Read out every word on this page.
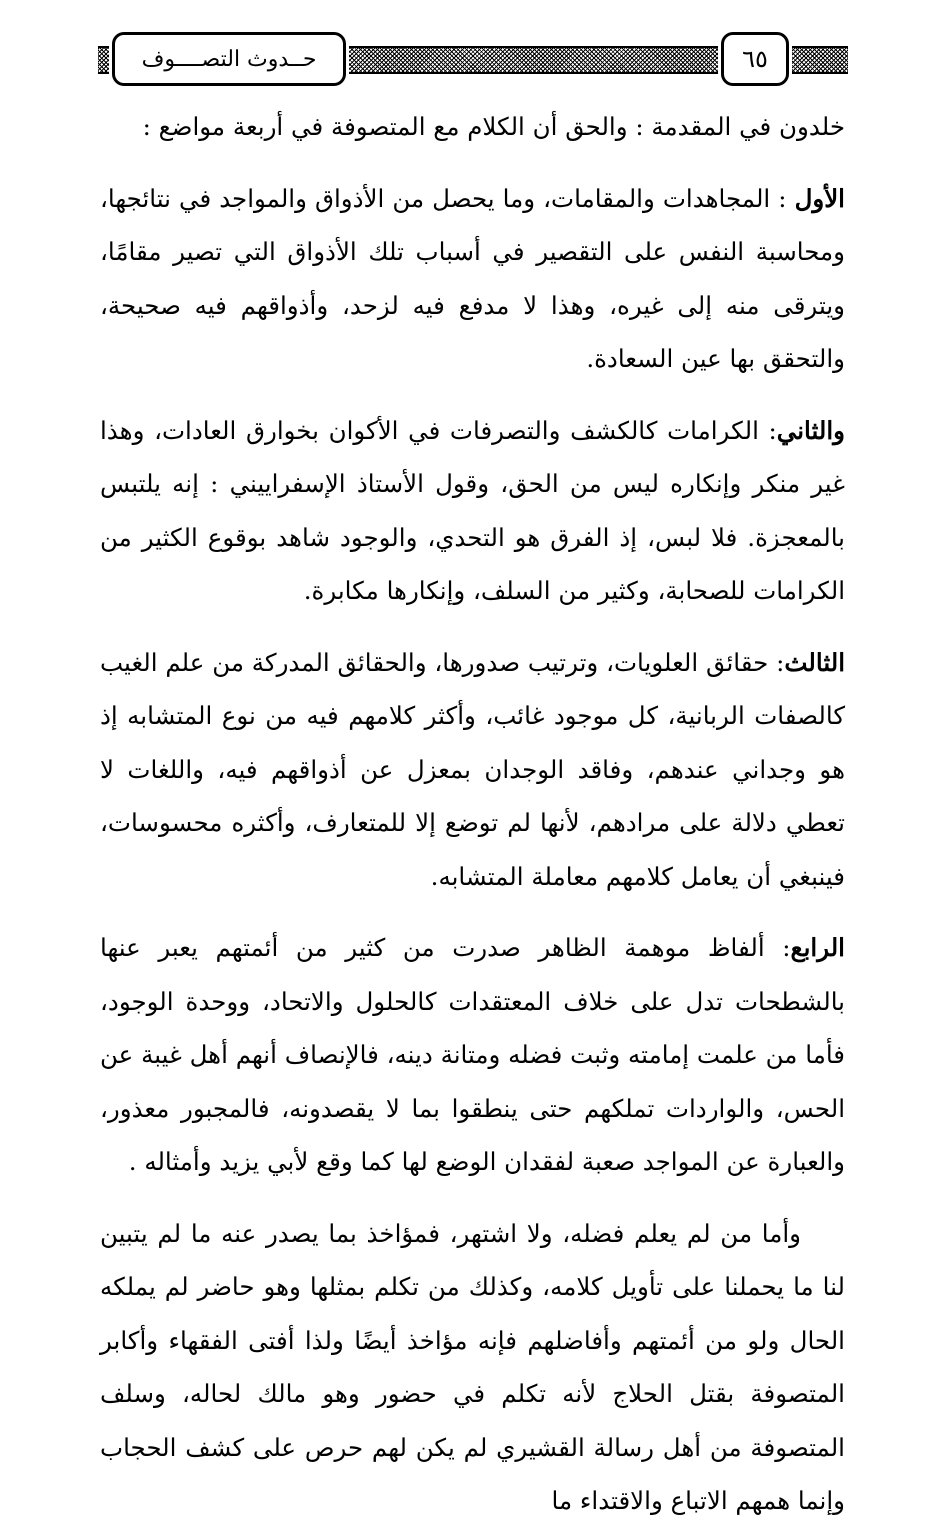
حــدوث التصــــوف	٦٥

خلدون في المقدمة : والحق أن الكلام مع المتصوفة في أربعة مواضع :

الأول : المجاهدات والمقامات، وما يحصل من الأذواق والمواجد في نتائجها، ومحاسبة النفس على التقصير في أسباب تلك الأذواق التي تصير مقامًا، ويترقى منه إلى غيره، وهذا لا مدفع فيه لزحد، وأذواقهم فيه صحيحة، والتحقق بها عين السعادة.

والثاني: الكرامات كالكشف والتصرفات في الأكوان بخوارق العادات، وهذا غير منكر وإنكاره ليس من الحق، وقول الأستاذ الإسفراييني : إنه يلتبس بالمعجزة. فلا لبس، إذ الفرق هو التحدي، والوجود شاهد بوقوع الكثير من الكرامات للصحابة، وكثير من السلف، وإنكارها مكابرة.

الثالث: حقائق العلويات، وترتيب صدورها، والحقائق المدركة من علم الغيب كالصفات الربانية، كل موجود غائب، وأكثر كلامهم فيه من نوع المتشابه إذ هو وجداني عندهم، وفاقد الوجدان بمعزل عن أذواقهم فيه، واللغات لا تعطي دلالة على مرادهم، لأنها لم توضع إلا للمتعارف، وأكثره محسوسات، فينبغي أن يعامل كلامهم معاملة المتشابه.

الرابع: ألفاظ موهمة الظاهر صدرت من كثير من أئمتهم يعبر عنها بالشطحات تدل على خلاف المعتقدات كالحلول والاتحاد، ووحدة الوجود، فأما من علمت إمامته وثبت فضله ومتانة دينه، فالإنصاف أنهم أهل غيبة عن الحس، والواردات تملكهم حتى ينطقوا بما لا يقصدونه، فالمجبور معذور، والعبارة عن المواجد صعبة لفقدان الوضع لها كما وقع لأبي يزيد وأمثاله .

وأما من لم يعلم فضله، ولا اشتهر، فمؤاخذ بما يصدر عنه ما لم يتبين لنا ما يحملنا على تأويل كلامه، وكذلك من تكلم بمثلها وهو حاضر لم يملكه الحال ولو من أئمتهم وأفاضلهم فإنه مؤاخذ أيضًا ولذا أفتى الفقهاء وأكابر المتصوفة بقتل الحلاج لأنه تكلم في حضور وهو مالك لحاله، وسلف المتصوفة من أهل رسالة القشيري لم يكن لهم حرص على كشف الحجاب وإنما همهم الاتباع والاقتداء ما
